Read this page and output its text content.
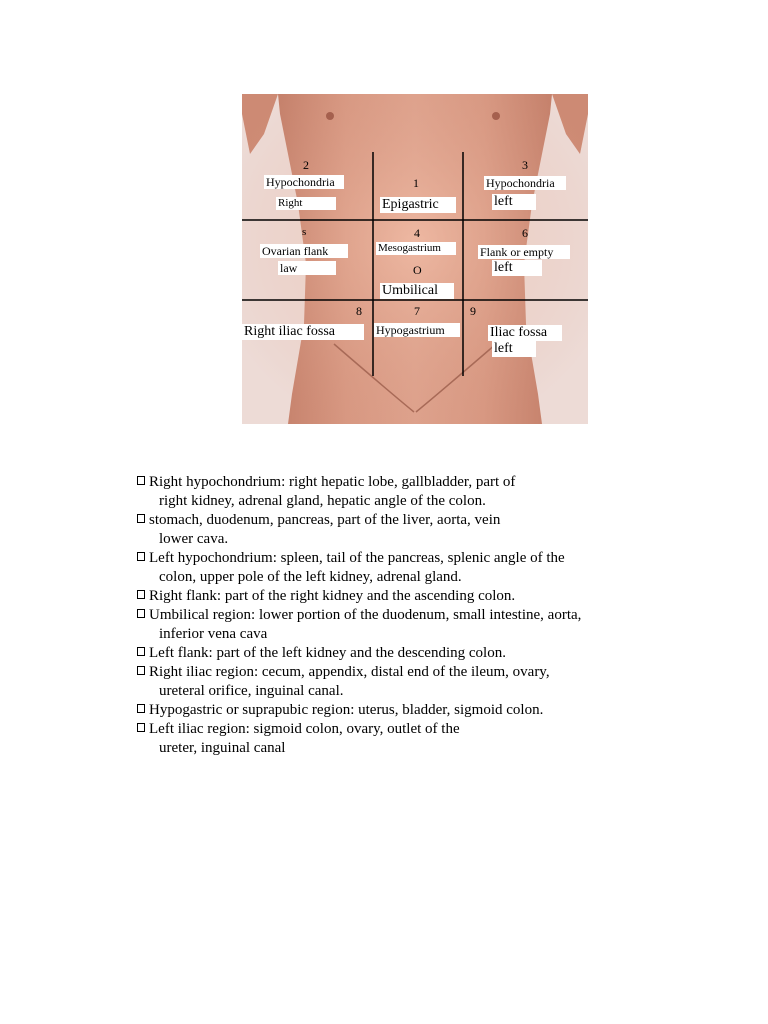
2
1
3
4	6
7
8	9
s
Hypochondria
Right	Epigastric
Hypochondria
left
Ovarian flank
law
Mesogastrium
O
Umbilical
Flank or empty
left
Hypogastrium
Right iliac fossa	Iliac fossa
left
Right hypochondrium: right hepatic lobe, gallbladder, part of
right kidney, adrenal gland, hepatic angle of the colon.
stomach, duodenum, pancreas, part of the liver, aorta, vein
lower cava.
Left hypochondrium: spleen, tail of the pancreas, splenic angle of the
colon, upper pole of the left kidney, adrenal gland.
Right flank: part of the right kidney and the ascending colon.
Umbilical region: lower portion of the duodenum, small intestine, aorta,
inferior vena cava
Left flank: part of the left kidney and the descending colon.
Right iliac region: cecum, appendix, distal end of the ileum, ovary,
ureteral orifice, inguinal canal.
Hypogastric or suprapubic region: uterus, bladder, sigmoid colon.
Left iliac region: sigmoid colon, ovary, outlet of the
ureter, inguinal canal
